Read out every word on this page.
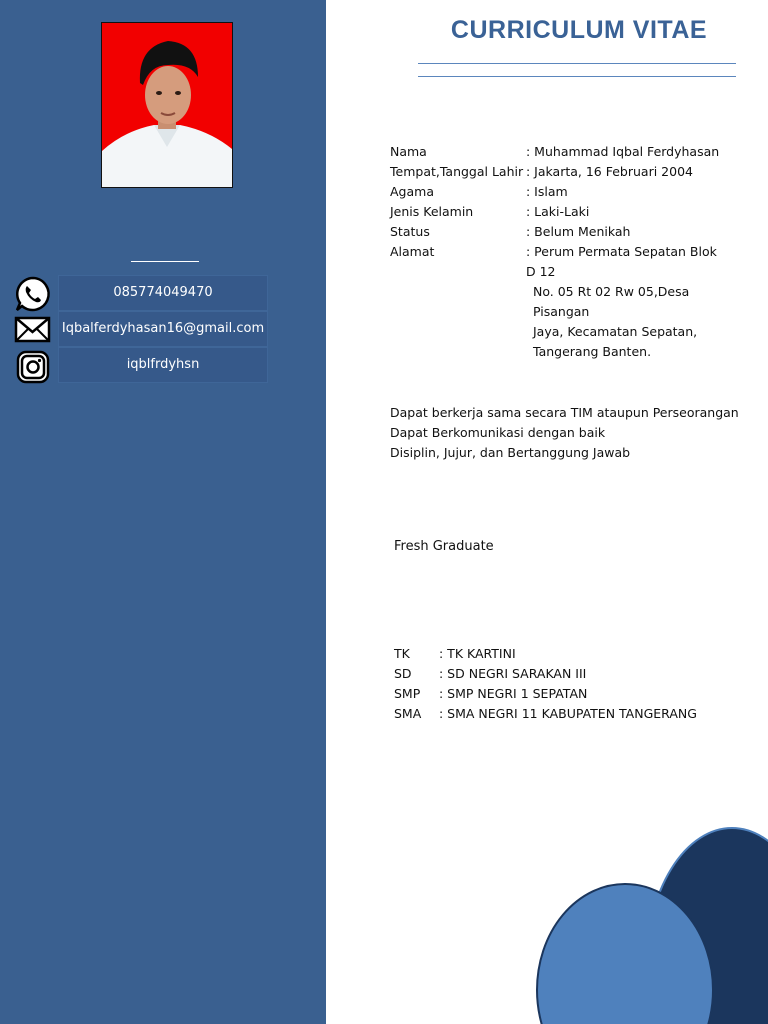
085774049470
Iqbalferdyhasan16@gmail.com
iqblfrdyhsn
CURRICULUM VITAE
Nama	: Muhammad Iqbal Ferdyhasan
Tempat,Tanggal Lahir : Jakarta, 16 Februari 2004
Agama	: Islam
Jenis Kelamin	: Laki-Laki
Status	: Belum Menikah
Alamat	: Perum Permata Sepatan Blok D 12
No. 05 Rt 02 Rw 05,Desa Pisangan
Jaya, Kecamatan Sepatan,
Tangerang Banten.
Dapat berkerja sama secara TIM ataupun Perseorangan
Dapat Berkomunikasi dengan baik
Disiplin, Jujur, dan Bertanggung Jawab
Fresh Graduate
TK	: TK KARTINI
SD	: SD NEGRI SARAKAN III
SMP	: SMP NEGRI 1 SEPATAN
SMA	: SMA NEGRI 11 KABUPATEN TANGERANG
